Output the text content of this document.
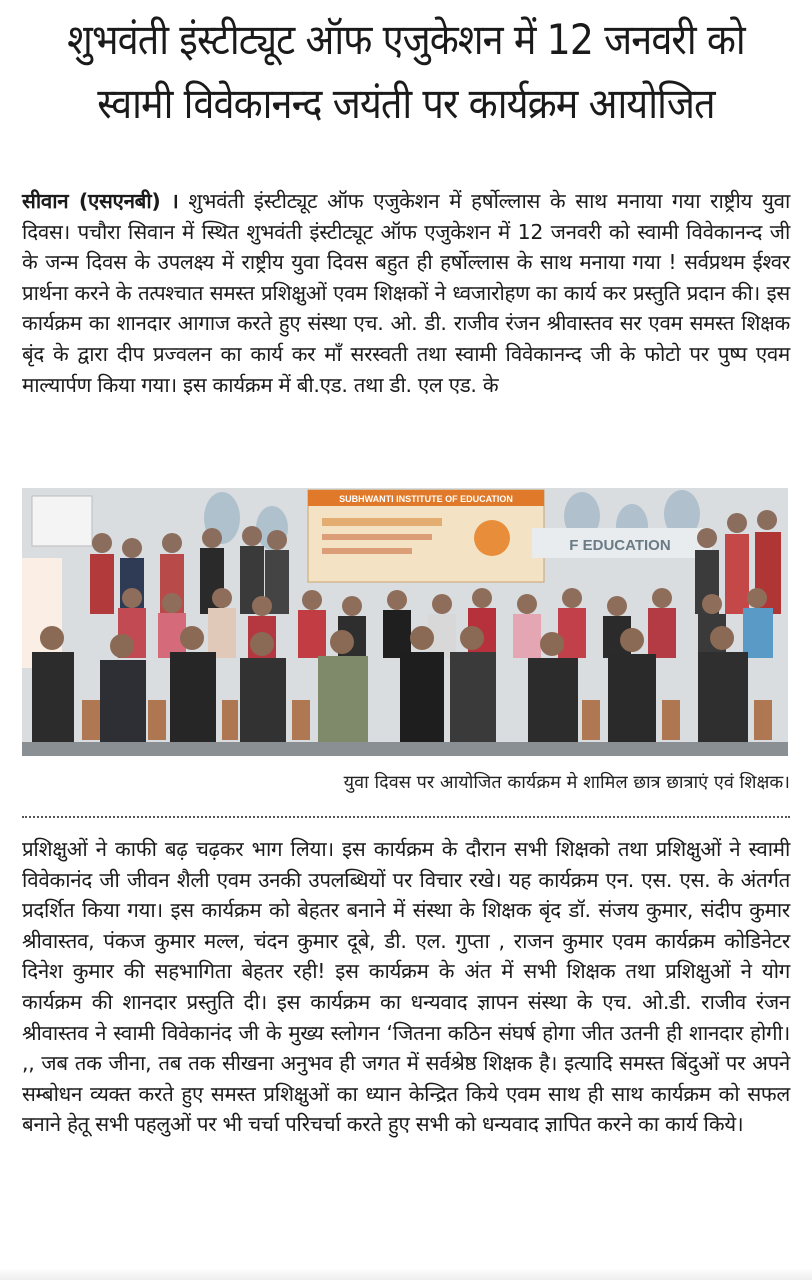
शुभवंती इंस्टीट्यूट ऑफ एजुकेशन में 12 जनवरी को
स्वामी विवेकानन्द जयंती पर कार्यक्रम आयोजित
सीवान (एसएनबी) । शुभवंती इंस्टीट्यूट ऑफ एजुकेशन में हर्षोल्लास के साथ मनाया गया राष्ट्रीय युवा दिवस। पचौरा सिवान में स्थित शुभवंती इंस्टीट्यूट ऑफ एजुकेशन में 12 जनवरी को स्वामी विवेकानन्द जी के जन्म दिवस के उपलक्ष्य में राष्ट्रीय युवा दिवस बहुत ही हर्षोल्लास के साथ मनाया गया ! सर्वप्रथम ईश्वर प्रार्थना करने के तत्पश्चात समस्त प्रशिक्षुओं एवम शिक्षकों ने ध्वजारोहण का कार्य कर प्रस्तुति प्रदान की। इस कार्यक्रम का शानदार आगाज करते हुए संस्था एच. ओ. डी. राजीव रंजन श्रीवास्तव सर एवम समस्त शिक्षक बृंद के द्वारा दीप प्रज्वलन का कार्य कर माँ सरस्वती तथा स्वामी विवेकानन्द जी के फोटो पर पुष्प एवम माल्यार्पण किया गया। इस कार्यक्रम में बी.एड. तथा डी. एल एड. के
SUBHWANTI INSTITUTE OF EDUCATION
F EDUCATION
युवा दिवस पर आयोजित कार्यक्रम मे शामिल छात्र छात्राएं एवं शिक्षक।
प्रशिक्षुओं ने काफी बढ़ चढ़कर भाग लिया। इस कार्यक्रम के दौरान सभी शिक्षको तथा प्रशिक्षुओं ने स्वामी विवेकानंद जी जीवन शैली एवम उनकी उपलब्धियों पर विचार रखे। यह कार्यक्रम एन. एस. एस. के अंतर्गत प्रदर्शित किया गया। इस कार्यक्रम को बेहतर बनाने में संस्था के शिक्षक बृंद डॉ. संजय कुमार, संदीप कुमार श्रीवास्तव, पंकज कुमार मल्ल, चंदन कुमार दूबे, डी. एल. गुप्ता , राजन कुमार एवम कार्यक्रम कोडिनेटर दिनेश कुमार की सहभागिता बेहतर रही! इस कार्यक्रम के अंत में सभी शिक्षक तथा प्रशिक्षुओं ने योग कार्यक्रम की शानदार प्रस्तुति दी। इस कार्यक्रम का धन्यवाद ज्ञापन संस्था के एच. ओ.डी. राजीव रंजन श्रीवास्तव ने स्वामी विवेकानंद जी के मुख्य स्लोगन ‘जितना कठिन संघर्ष होगा जीत उतनी ही शानदार होगी। ,, जब तक जीना, तब तक सीखना अनुभव ही जगत में सर्वश्रेष्ठ शिक्षक है। इत्यादि समस्त बिंदुओं पर अपने सम्बोधन व्यक्त करते हुए समस्त प्रशिक्षुओं का ध्यान केन्द्रित किये एवम साथ ही साथ कार्यक्रम को सफल बनाने हेतू सभी पहलुओं पर भी चर्चा परिचर्चा करते हुए सभी को धन्यवाद ज्ञापित करने का कार्य किये।
